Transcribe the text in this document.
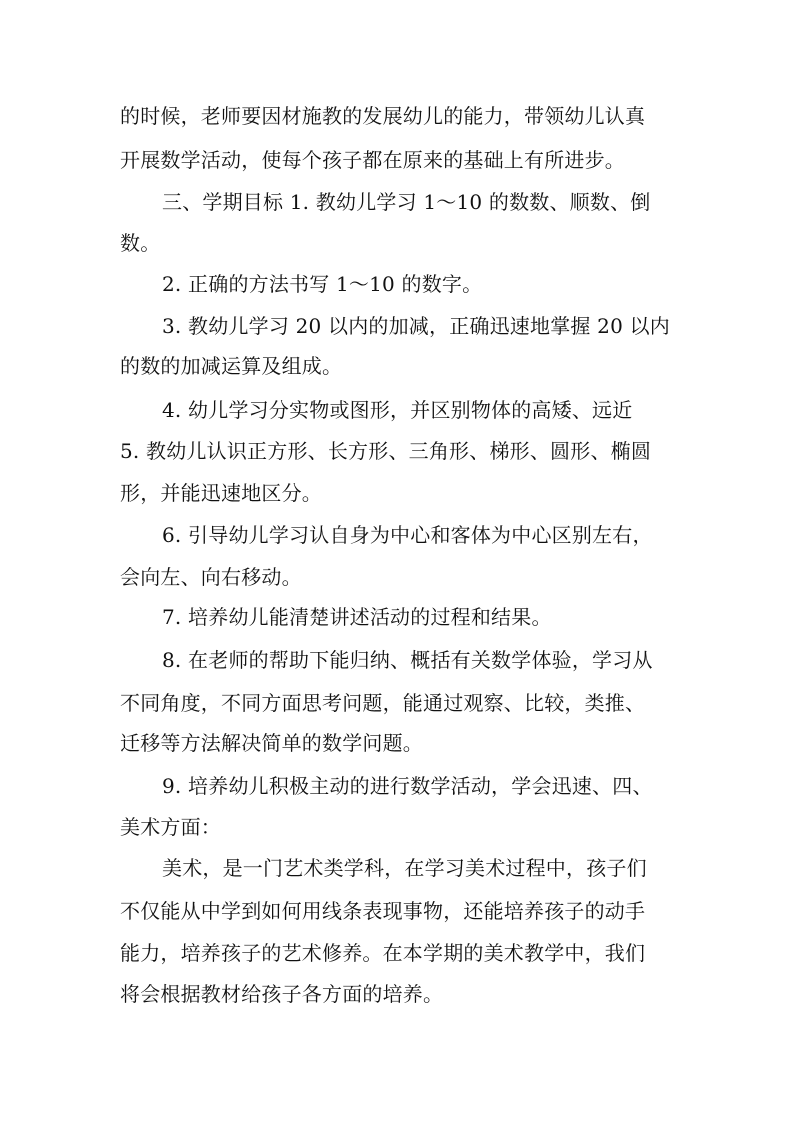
的时候，老师要因材施教的发展幼儿的能力，带领幼儿认真
开展数学活动，使每个孩子都在原来的基础上有所进步。
三、学期目标 1. 教幼儿学习 1～10 的数数、顺数、倒
数。
2. 正确的方法书写 1～10 的数字。
3. 教幼儿学习 20 以内的加减，正确迅速地掌握 20 以内
的数的加减运算及组成。
4. 幼儿学习分实物或图形，并区别物体的高矮、远近
5. 教幼儿认识正方形、长方形、三角形、梯形、圆形、椭圆
形，并能迅速地区分。
6. 引导幼儿学习认自身为中心和客体为中心区别左右，
会向左、向右移动。
7. 培养幼儿能清楚讲述活动的过程和结果。
8. 在老师的帮助下能归纳、概括有关数学体验，学习从
不同角度，不同方面思考问题，能通过观察、比较，类推、
迁移等方法解决简单的数学问题。
9. 培养幼儿积极主动的进行数学活动，学会迅速、四、
美术方面：
美术，是一门艺术类学科，在学习美术过程中，孩子们
不仅能从中学到如何用线条表现事物，还能培养孩子的动手
能力，培养孩子的艺术修养。在本学期的美术教学中，我们
将会根据教材给孩子各方面的培养。
